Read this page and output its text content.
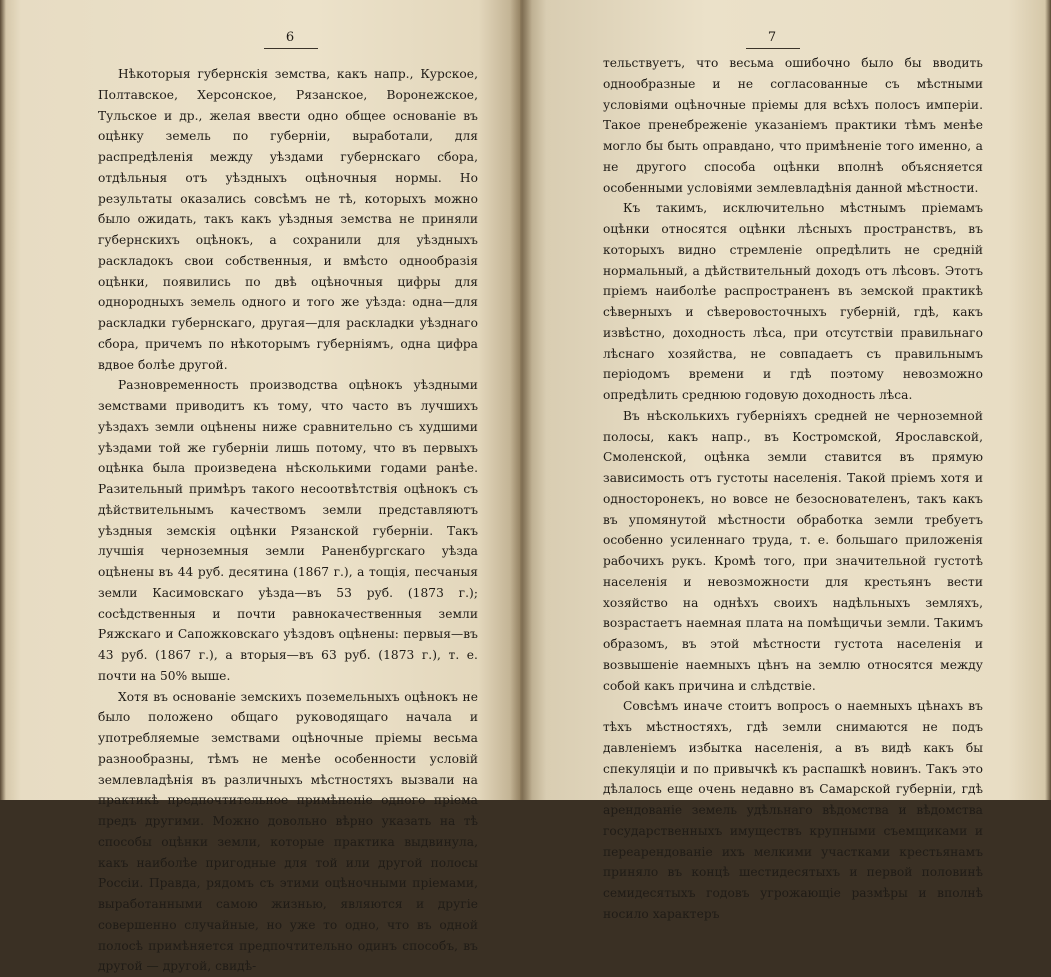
6

Нѣкоторыя губернскія земства, какъ напр., Курское, Полтавское, Херсонское, Рязанское, Воронежское, Тульское и др., желая ввести одно общее основаніе въ оцѣнку земель по губерніи, выработали, для распредѣленія между уѣздами губернскаго сбора, отдѣльныя отъ уѣздныхъ оцѣночныя нормы. Но результаты оказались совсѣмъ не тѣ, которыхъ можно было ожидать, такъ какъ уѣздныя земства не приняли губернскихъ оцѣнокъ, а сохранили для уѣздныхъ раскладокъ свои собственныя, и вмѣсто однообразія оцѣнки, появились по двѣ оцѣночныя цифры для однородныхъ земель одного и того же уѣзда: одна—для раскладки губернскаго, другая—для раскладки уѣзднаго сбора, причемъ по нѣкоторымъ губерніямъ, одна цифра вдвое болѣе другой.

Разновременность производства оцѣнокъ уѣздными земствами приводитъ къ тому, что часто въ лучшихъ уѣздахъ земли оцѣнены ниже сравнительно съ худшими уѣздами той же губерніи лишь потому, что въ первыхъ оцѣнка была произведена нѣсколькими годами ранѣе. Разительный примѣръ такого несоотвѣтствія оцѣнокъ съ дѣйствительнымъ качествомъ земли представляютъ уѣздныя земскія оцѣнки Рязанской губерніи. Такъ лучшія черноземныя земли Раненбургскаго уѣзда оцѣнены въ 44 руб. десятина (1867 г.), а тощія, песчаныя земли Касимовскаго уѣзда—въ 53 руб. (1873 г.); сосѣдственныя и почти равнокачественныя земли Ряжскаго и Сапожковскаго уѣздовъ оцѣнены: первыя—въ 43 руб. (1867 г.), а вторыя—въ 63 руб. (1873 г.), т. е. почти на 50% выше.

Хотя въ основаніе земскихъ поземельныхъ оцѣнокъ не было положено общаго руководящаго начала и употребляемые земствами оцѣночные пріемы весьма разнообразны, тѣмъ не менѣе особенности условій землевладѣнія въ различныхъ мѣстностяхъ вызвали на практикѣ предпочтительное примѣненіе одного пріема предъ другими. Можно довольно вѣрно указать на тѣ способы оцѣнки земли, которые практика выдвинула, какъ наиболѣе пригодные для той или другой полосы Россіи. Правда, рядомъ съ этими оцѣночными пріемами, выработанными самою жизнью, являются и другіе совершенно случайные, но уже то одно, что въ одной полосѣ примѣняется предпочтительно одинъ способъ, въ другой — другой, свидѣ-

7

тельствуетъ, что весьма ошибочно было бы вводить однообразные и не согласованные съ мѣстными условіями оцѣночные пріемы для всѣхъ полосъ имперіи. Такое пренебреженіе указаніемъ практики тѣмъ менѣе могло бы быть оправдано, что примѣненіе того именно, а не другого способа оцѣнки вполнѣ объясняется особенными условіями землевладѣнія данной мѣстности.

Къ такимъ, исключительно мѣстнымъ пріемамъ оцѣнки относятся оцѣнки лѣсныхъ пространствъ, въ которыхъ видно стремленіе опредѣлить не средній нормальный, а дѣйствительный доходъ отъ лѣсовъ. Этотъ пріемъ наиболѣе распространенъ въ земской практикѣ сѣверныхъ и сѣверовосточныхъ губерній, гдѣ, какъ извѣстно, доходность лѣса, при отсутствіи правильнаго лѣснаго хозяйства, не совпадаетъ съ правильнымъ періодомъ времени и гдѣ поэтому невозможно опредѣлить среднюю годовую доходность лѣса.

Въ нѣсколькихъ губерніяхъ средней не черноземной полосы, какъ напр., въ Костромской, Ярославской, Смоленской, оцѣнка земли ставится въ прямую зависимость отъ густоты населенія. Такой пріемъ хотя и односторонекъ, но вовсе не безоснователенъ, такъ какъ въ упомянутой мѣстности обработка земли требуетъ особенно усиленнаго труда, т. е. большаго приложенія рабочихъ рукъ. Кромѣ того, при значительной густотѣ населенія и невозможности для крестьянъ вести хозяйство на однѣхъ своихъ надѣльныхъ земляхъ, возрастаетъ наемная плата на помѣщичьи земли. Такимъ образомъ, въ этой мѣстности густота населенія и возвышеніе наемныхъ цѣнъ на землю относятся между собой какъ причина и слѣдствіе.

Совсѣмъ иначе стоитъ вопросъ о наемныхъ цѣнахъ въ тѣхъ мѣстностяхъ, гдѣ земли снимаются не подъ давленіемъ избытка населенія, а въ видѣ какъ бы спекуляціи и по привычкѣ къ распашкѣ новинъ. Такъ это дѣлалось еще очень недавно въ Самарской губерніи, гдѣ арендованіе земель удѣльнаго вѣдомства и вѣдомства государственныхъ имуществъ крупными съемщиками и переарендованіе ихъ мелкими участками крестьянамъ приняло въ концѣ шестидесятыхъ и первой половинѣ семидесятыхъ годовъ угрожающіе размѣры и вполнѣ носило характеръ
